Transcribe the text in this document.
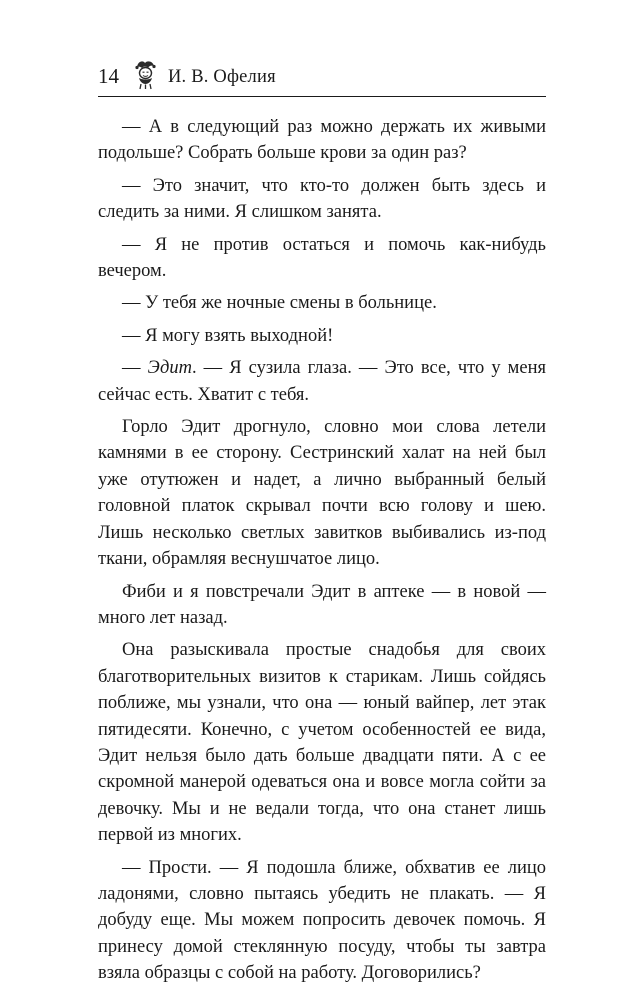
14	И. В. Офелия

— А в следующий раз можно держать их живыми подольше? Собрать больше крови за один раз?

— Это значит, что кто-то должен быть здесь и следить за ними. Я слишком занята.

— Я не против остаться и помочь как-нибудь вечером.

— У тебя же ночные смены в больнице.

— Я могу взять выходной!

— Эдит. — Я сузила глаза. — Это все, что у меня сейчас есть. Хватит с тебя.

Горло Эдит дрогнуло, словно мои слова летели камнями в ее сторону. Сестринский халат на ней был уже отутюжен и надет, а лично выбранный белый головной платок скрывал почти всю голову и шею. Лишь несколько светлых завитков выбивались из-под ткани, обрамляя веснушчатое лицо.

Фиби и я повстречали Эдит в аптеке — в новой — много лет назад.

Она разыскивала простые снадобья для своих благотворительных визитов к старикам. Лишь сойдясь поближе, мы узнали, что она — юный вайпер, лет этак пятидесяти. Конечно, с учетом особенностей ее вида, Эдит нельзя было дать больше двадцати пяти. А с ее скромной манерой одеваться она и вовсе могла сойти за девочку. Мы и не ведали тогда, что она станет лишь первой из многих.

— Прости. — Я подошла ближе, обхватив ее лицо ладонями, словно пытаясь убедить не плакать. — Я добуду еще. Мы можем попросить девочек помочь. Я принесу домой стеклянную посуду, чтобы ты завтра взяла образцы с собой на работу. Договорились?
